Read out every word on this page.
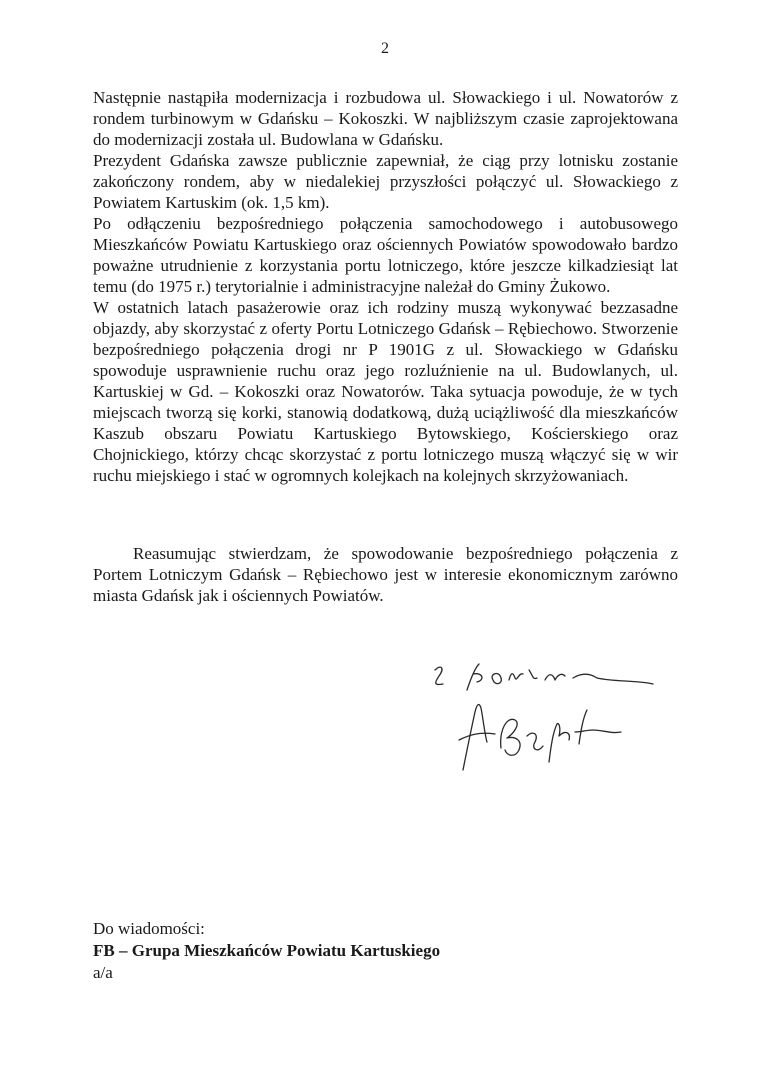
2

Następnie nastąpiła modernizacja i rozbudowa ul. Słowackiego i ul. Nowatorów z rondem turbinowym w Gdańsku – Kokoszki. W najbliższym czasie zaprojektowana do modernizacji została ul. Budowlana w Gdańsku.

Prezydent Gdańska zawsze publicznie zapewniał, że ciąg przy lotnisku zostanie zakończony rondem, aby w niedalekiej przyszłości połączyć ul. Słowackiego z Powiatem Kartuskim (ok. 1,5 km).

Po odłączeniu bezpośredniego połączenia samochodowego i autobusowego Mieszkańców Powiatu Kartuskiego oraz ościennych Powiatów spowodowało bardzo poważne utrudnienie z korzystania portu lotniczego, które jeszcze kilkadziesiąt lat temu (do 1975 r.) terytorialnie i administracyjne należał do Gminy Żukowo.

W ostatnich latach pasażerowie oraz ich rodziny muszą wykonywać bezzasadne objazdy, aby skorzystać z oferty Portu Lotniczego Gdańsk – Rębiechowo. Stworzenie bezpośredniego połączenia drogi nr P 1901G z ul. Słowackiego w Gdańsku spowoduje usprawnienie ruchu oraz jego rozluźnienie na ul. Budowlanych, ul. Kartuskiej w Gd. – Kokoszki oraz Nowatorów. Taka sytuacja powoduje, że w tych miejscach tworzą się korki, stanowią dodatkową, dużą uciążliwość dla mieszkańców Kaszub obszaru Powiatu Kartuskiego Bytowskiego, Kościerskiego oraz Chojnickiego, którzy chcąc skorzystać z portu lotniczego muszą włączyć się w wir ruchu miejskiego i stać w ogromnych kolejkach na kolejnych skrzyżowaniach.

Reasumując stwierdzam, że spowodowanie bezpośredniego połączenia z Portem Lotniczym Gdańsk – Rębiechowo jest w interesie ekonomicznym zarówno miasta Gdańsk jak i ościennych Powiatów.

Do wiadomości:
FB – Grupa Mieszkańców Powiatu Kartuskiego
a/a
